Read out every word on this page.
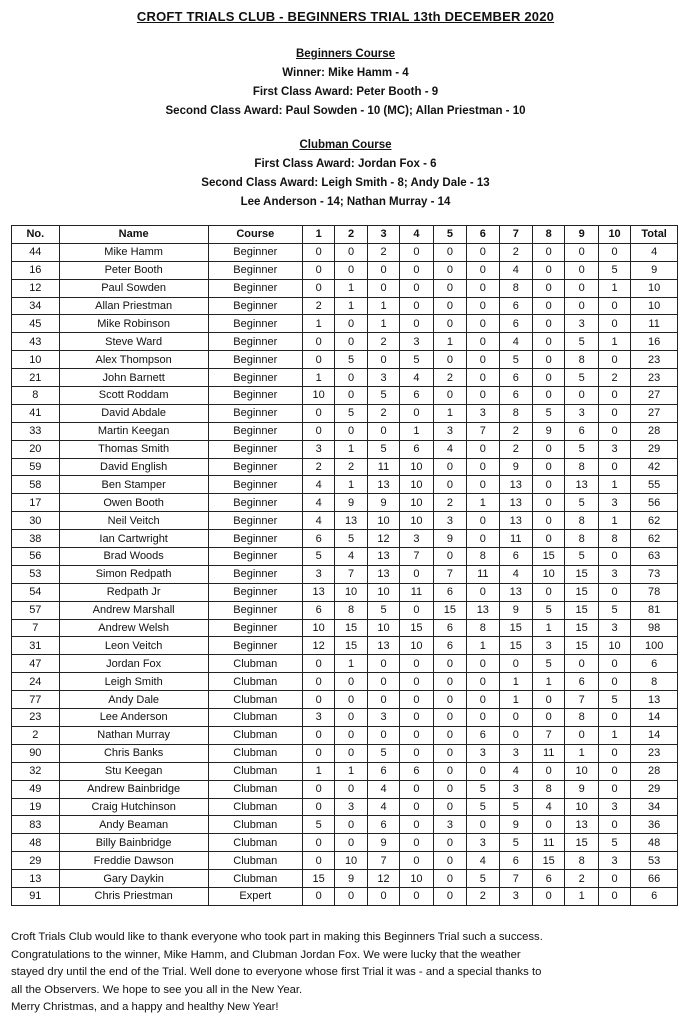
CROFT TRIALS CLUB - BEGINNERS TRIAL 13th DECEMBER 2020
Beginners Course
Winner: Mike Hamm - 4
First Class Award: Peter Booth - 9
Second Class Award: Paul Sowden - 10 (MC); Allan Priestman - 10
Clubman Course
First Class Award: Jordan Fox - 6
Second Class Award: Leigh Smith - 8; Andy Dale - 13
Lee Anderson - 14; Nathan Murray - 14
No.	Name	Course	1	2	3	4	5	6	7	8	9	10	Total
44	Mike Hamm	Beginner	0	0	2	0	0	0	2	0	0	0	4
16	Peter Booth	Beginner	0	0	0	0	0	0	4	0	0	5	9
12	Paul Sowden	Beginner	0	1	0	0	0	0	8	0	0	1	10
34	Allan Priestman	Beginner	2	1	1	0	0	0	6	0	0	0	10
45	Mike Robinson	Beginner	1	0	1	0	0	0	6	0	3	0	11
43	Steve Ward	Beginner	0	0	2	3	1	0	4	0	5	1	16
10	Alex Thompson	Beginner	0	5	0	5	0	0	5	0	8	0	23
21	John Barnett	Beginner	1	0	3	4	2	0	6	0	5	2	23
8	Scott Roddam	Beginner	10	0	5	6	0	0	6	0	0	0	27
41	David Abdale	Beginner	0	5	2	0	1	3	8	5	3	0	27
33	Martin Keegan	Beginner	0	0	0	1	3	7	2	9	6	0	28
20	Thomas Smith	Beginner	3	1	5	6	4	0	2	0	5	3	29
59	David English	Beginner	2	2	11	10	0	0	9	0	8	0	42
58	Ben Stamper	Beginner	4	1	13	10	0	0	13	0	13	1	55
17	Owen Booth	Beginner	4	9	9	10	2	1	13	0	5	3	56
30	Neil Veitch	Beginner	4	13	10	10	3	0	13	0	8	1	62
38	Ian Cartwright	Beginner	6	5	12	3	9	0	11	0	8	8	62
56	Brad Woods	Beginner	5	4	13	7	0	8	6	15	5	0	63
53	Simon Redpath	Beginner	3	7	13	0	7	11	4	10	15	3	73
54	Redpath Jr	Beginner	13	10	10	11	6	0	13	0	15	0	78
57	Andrew Marshall	Beginner	6	8	5	0	15	13	9	5	15	5	81
7	Andrew Welsh	Beginner	10	15	10	15	6	8	15	1	15	3	98
31	Leon Veitch	Beginner	12	15	13	10	6	1	15	3	15	10	100
47	Jordan Fox	Clubman	0	1	0	0	0	0	0	5	0	0	6
24	Leigh Smith	Clubman	0	0	0	0	0	0	1	1	6	0	8
77	Andy Dale	Clubman	0	0	0	0	0	0	1	0	7	5	13
23	Lee Anderson	Clubman	3	0	3	0	0	0	0	0	8	0	14
2	Nathan Murray	Clubman	0	0	0	0	0	6	0	7	0	1	14
90	Chris Banks	Clubman	0	0	5	0	0	3	3	11	1	0	23
32	Stu Keegan	Clubman	1	1	6	6	0	0	4	0	10	0	28
49	Andrew Bainbridge	Clubman	0	0	4	0	0	5	3	8	9	0	29
19	Craig Hutchinson	Clubman	0	3	4	0	0	5	5	4	10	3	34
83	Andy Beaman	Clubman	5	0	6	0	3	0	9	0	13	0	36
48	Billy Bainbridge	Clubman	0	0	9	0	0	3	5	11	15	5	48
29	Freddie Dawson	Clubman	0	10	7	0	0	4	6	15	8	3	53
13	Gary Daykin	Clubman	15	9	12	10	0	5	7	6	2	0	66
91	Chris Priestman	Expert	0	0	0	0	0	2	3	0	1	0	6

Croft Trials Club would like to thank everyone who took part in making this Beginners Trial such a success.

Congratulations to the winner, Mike Hamm, and Clubman Jordan Fox. We were lucky that the weather

stayed dry until the end of the Trial. Well done to everyone whose first Trial it was - and a special thanks to

all the Observers. We hope to see you all in the New Year.

Merry Christmas, and a happy and healthy New Year!
